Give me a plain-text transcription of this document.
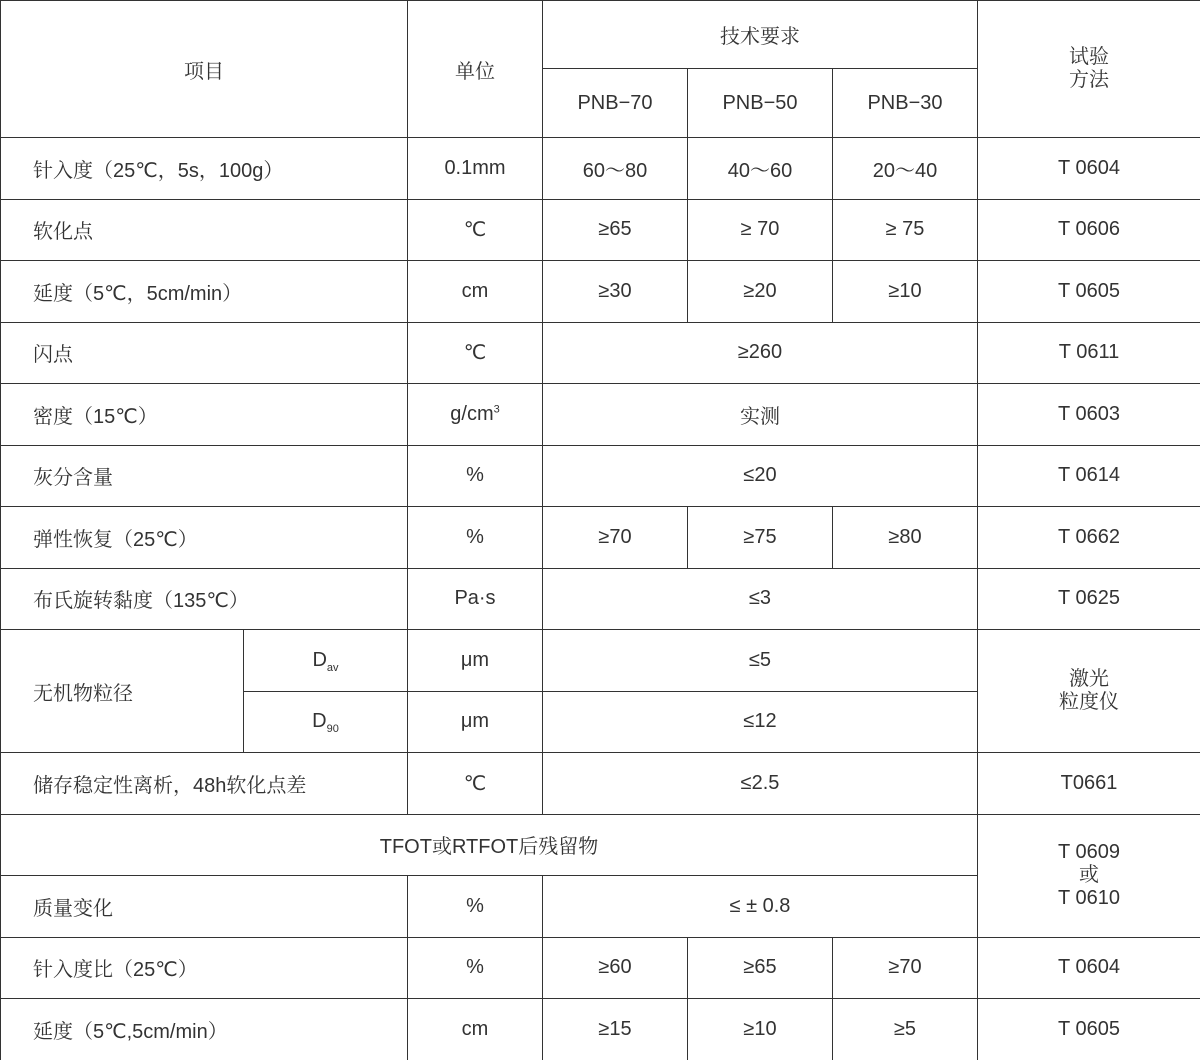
项目		单位	技术要求			试验
方法

			PNB−70	PNB−50	PNB−30	
针入度（25℃，5s，100g）		0.1mm	60～80	40～60	20～40	T 0604
软化点		℃	≥65	≥ 70	≥ 75	T 0606
延度（5℃，5cm/min）		cm	≥30	≥20	≥10	T 0605
闪点		℃	≥260			T 0611
密度（15℃）		$g/cm^3$	实测			T 0603
灰分含量		%	≤20			T 0614
弹性恢复（25℃）		%	≥70	≥75	≥80	T 0662
布氏旋转黏度（135℃）		Pa·s	≤3			T 0625
无机物粒径	$D_{av}$	μm	≤5			激光
粒度仪

	$D_{90}$	μm	≤12			
储存稳定性离析，48h软化点差		℃	≤2.5			T0661
TFOT或RTFOT后残留物						T 0609
或
T 0610

质量变化		%	≤ ± 0.8			
针入度比（25℃）		%	≥60	≥65	≥70	T 0604
延度（5℃,5cm/min）		cm	≥15	≥10	≥5	T 0605
